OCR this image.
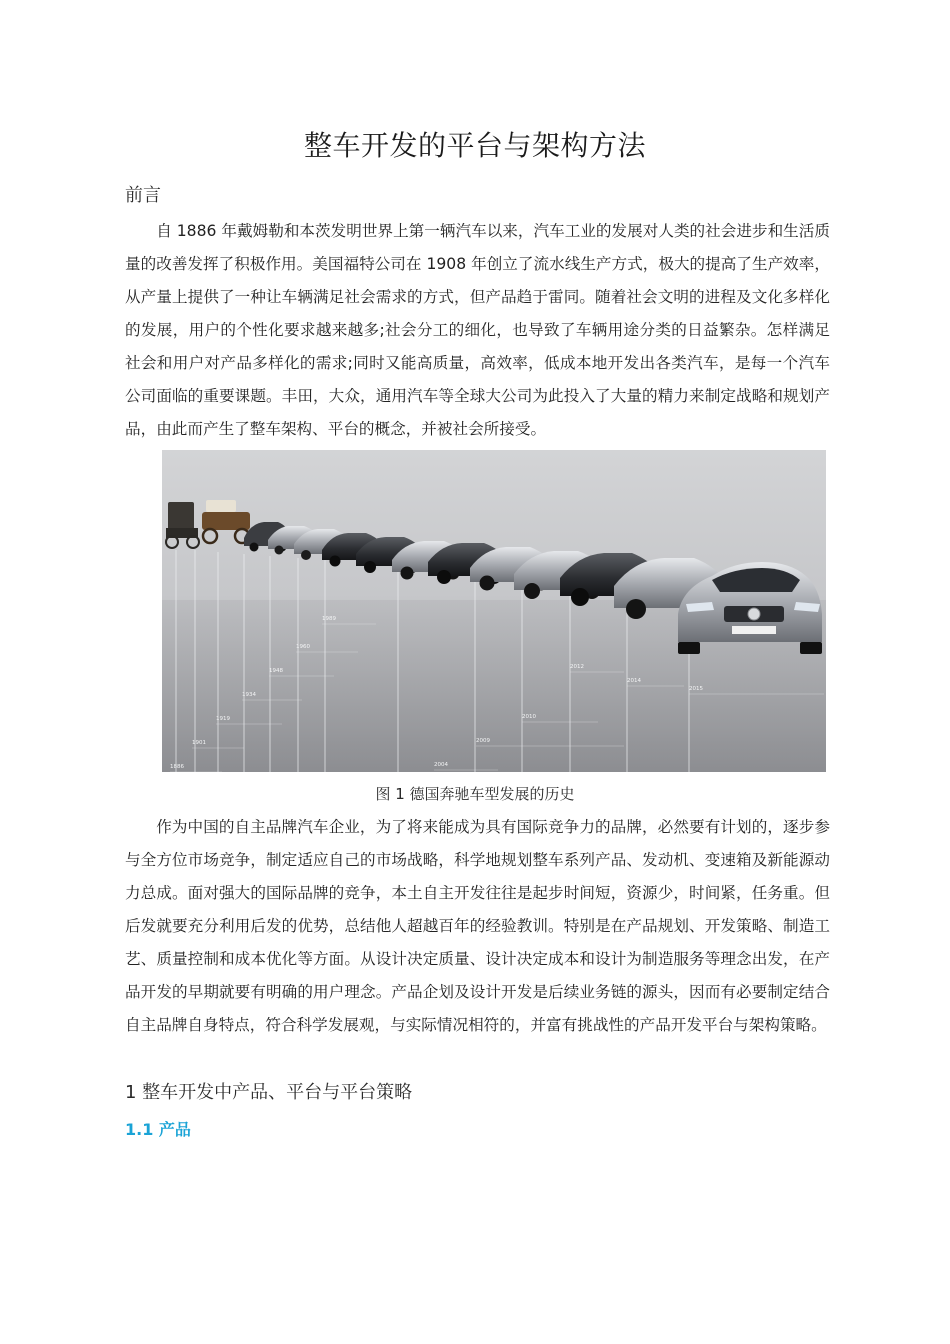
整车开发的平台与架构方法
前言

自 1886 年戴姆勒和本茨发明世界上第一辆汽车以来，汽车工业的发展对人类的社会进步和生活质量的改善发挥了积极作用。美国福特公司在 1908 年创立了流水线生产方式，极大的提高了生产效率，从产量上提供了一种让车辆满足社会需求的方式，但产品趋于雷同。随着社会文明的进程及文化多样化的发展，用户的个性化要求越来越多;社会分工的细化，也导致了车辆用途分类的日益繁杂。怎样满足社会和用户对产品多样化的需求;同时又能高质量，高效率，低成本地开发出各类汽车，是每一个汽车公司面临的重要课题。丰田，大众，通用汽车等全球大公司为此投入了大量的精力来制定战略和规划产品，由此而产生了整车架构、平台的概念，并被社会所接受。

1886
1901
1919
1934
1948
1960
1989
2004
2009
2010
2012
2014
2015
图 1 德国奔驰车型发展的历史

作为中国的自主品牌汽车企业，为了将来能成为具有国际竞争力的品牌，必然要有计划的，逐步参与全方位市场竞争，制定适应自己的市场战略，科学地规划整车系列产品、发动机、变速箱及新能源动力总成。面对强大的国际品牌的竞争，本土自主开发往往是起步时间短，资源少，时间紧，任务重。但后发就要充分利用后发的优势，总结他人超越百年的经验教训。特别是在产品规划、开发策略、制造工艺、质量控制和成本优化等方面。从设计决定质量、设计决定成本和设计为制造服务等理念出发，在产品开发的早期就要有明确的用户理念。产品企划及设计开发是后续业务链的源头，因而有必要制定结合自主品牌自身特点，符合科学发展观，与实际情况相符的，并富有挑战性的产品开发平台与架构策略。

1 整车开发中产品、平台与平台策略
1.1 产品
